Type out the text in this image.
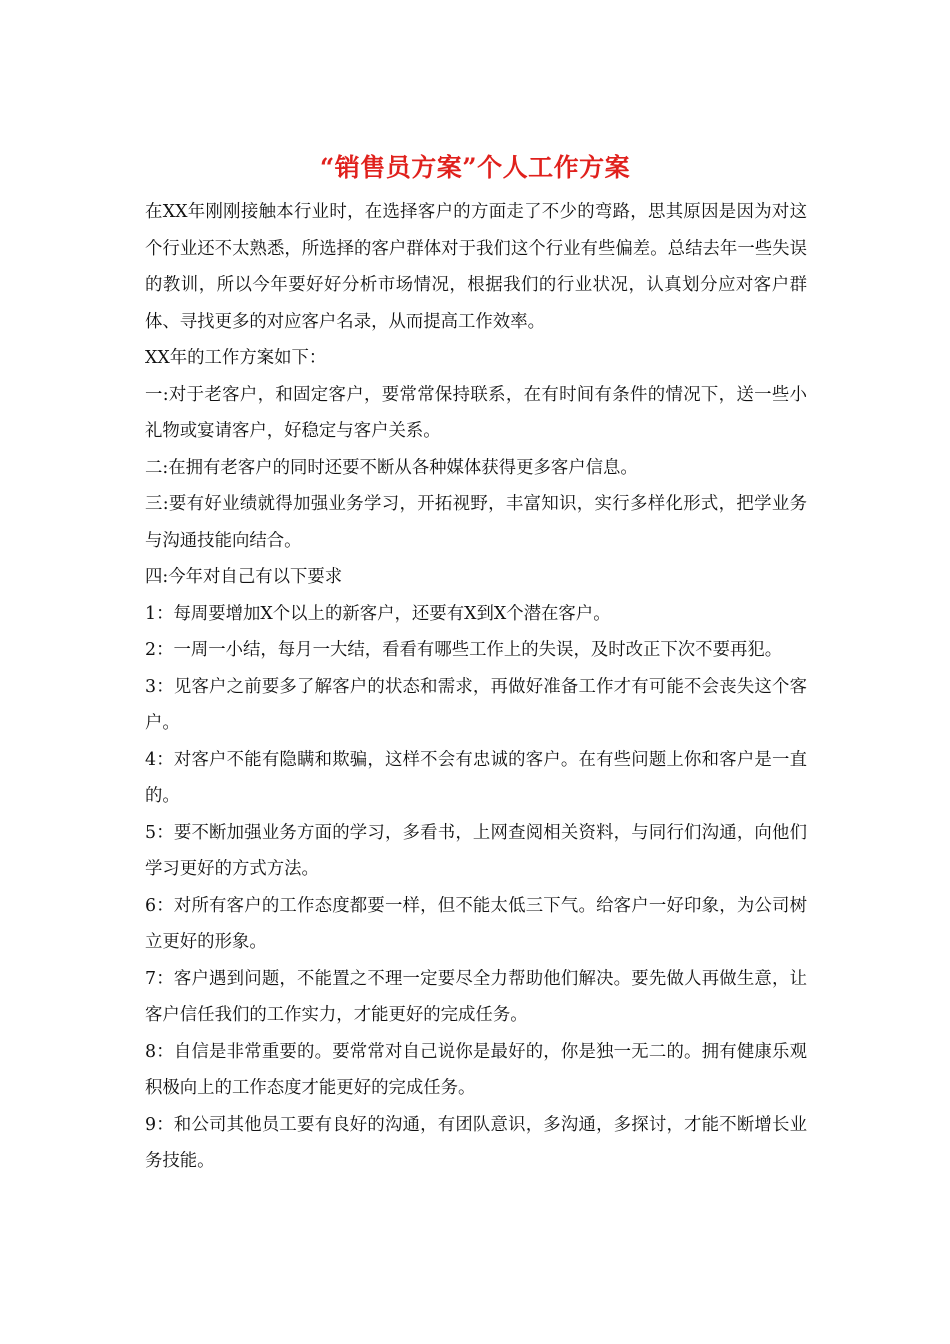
“销售员方案”个人工作方案

在XX年刚刚接触本行业时，在选择客户的方面走了不少的弯路，思其原因是因为对这个行业还不太熟悉，所选择的客户群体对于我们这个行业有些偏差。总结去年一些失误的教训，所以今年要好好分析市场情况，根据我们的行业状况，认真划分应对客户群体、寻找更多的对应客户名录，从而提高工作效率。

XX年的工作方案如下：

一:对于老客户，和固定客户，要常常保持联系，在有时间有条件的情况下，送一些小礼物或宴请客户，好稳定与客户关系。

二:在拥有老客户的同时还要不断从各种媒体获得更多客户信息。

三:要有好业绩就得加强业务学习，开拓视野，丰富知识，实行多样化形式，把学业务与沟通技能向结合。

四:今年对自己有以下要求

1：每周要增加X个以上的新客户，还要有X到X个潜在客户。

2：一周一小结，每月一大结，看看有哪些工作上的失误，及时改正下次不要再犯。

3：见客户之前要多了解客户的状态和需求，再做好准备工作才有可能不会丧失这个客户。

4：对客户不能有隐瞒和欺骗，这样不会有忠诚的客户。在有些问题上你和客户是一直的。

5：要不断加强业务方面的学习，多看书，上网查阅相关资料，与同行们沟通，向他们学习更好的方式方法。

6：对所有客户的工作态度都要一样，但不能太低三下气。给客户一好印象，为公司树立更好的形象。

7：客户遇到问题，不能置之不理一定要尽全力帮助他们解决。要先做人再做生意，让客户信任我们的工作实力，才能更好的完成任务。

8：自信是非常重要的。要常常对自己说你是最好的，你是独一无二的。拥有健康乐观积极向上的工作态度才能更好的完成任务。

9：和公司其他员工要有良好的沟通，有团队意识，多沟通，多探讨，才能不断增长业务技能。
